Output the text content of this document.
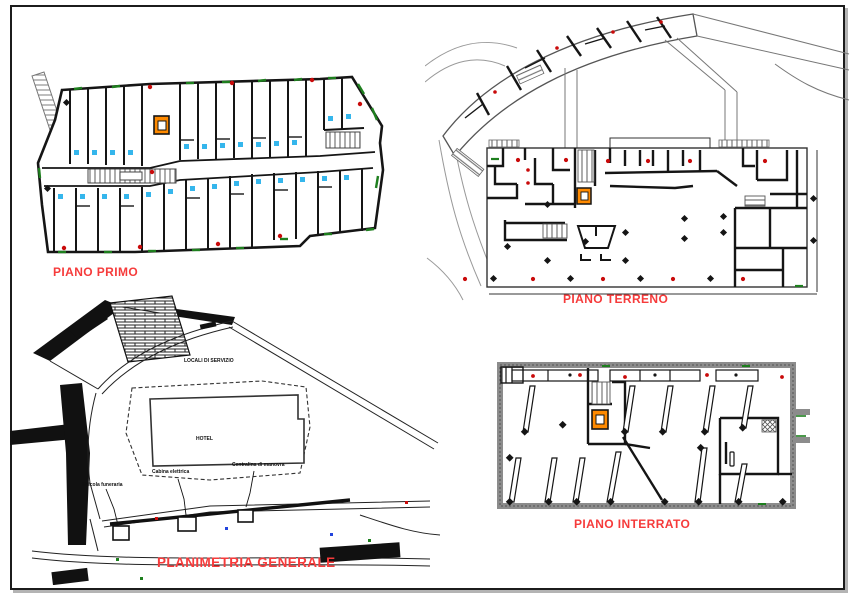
PIANO PRIMO
PIANO TERRENO
PLANIMETRIA GENERALE
PIANO INTERRATO
LOCALI DI SERVIZIO
HOTEL
Edicola funeraria
Cabina elettrica
Centralina di manovra
